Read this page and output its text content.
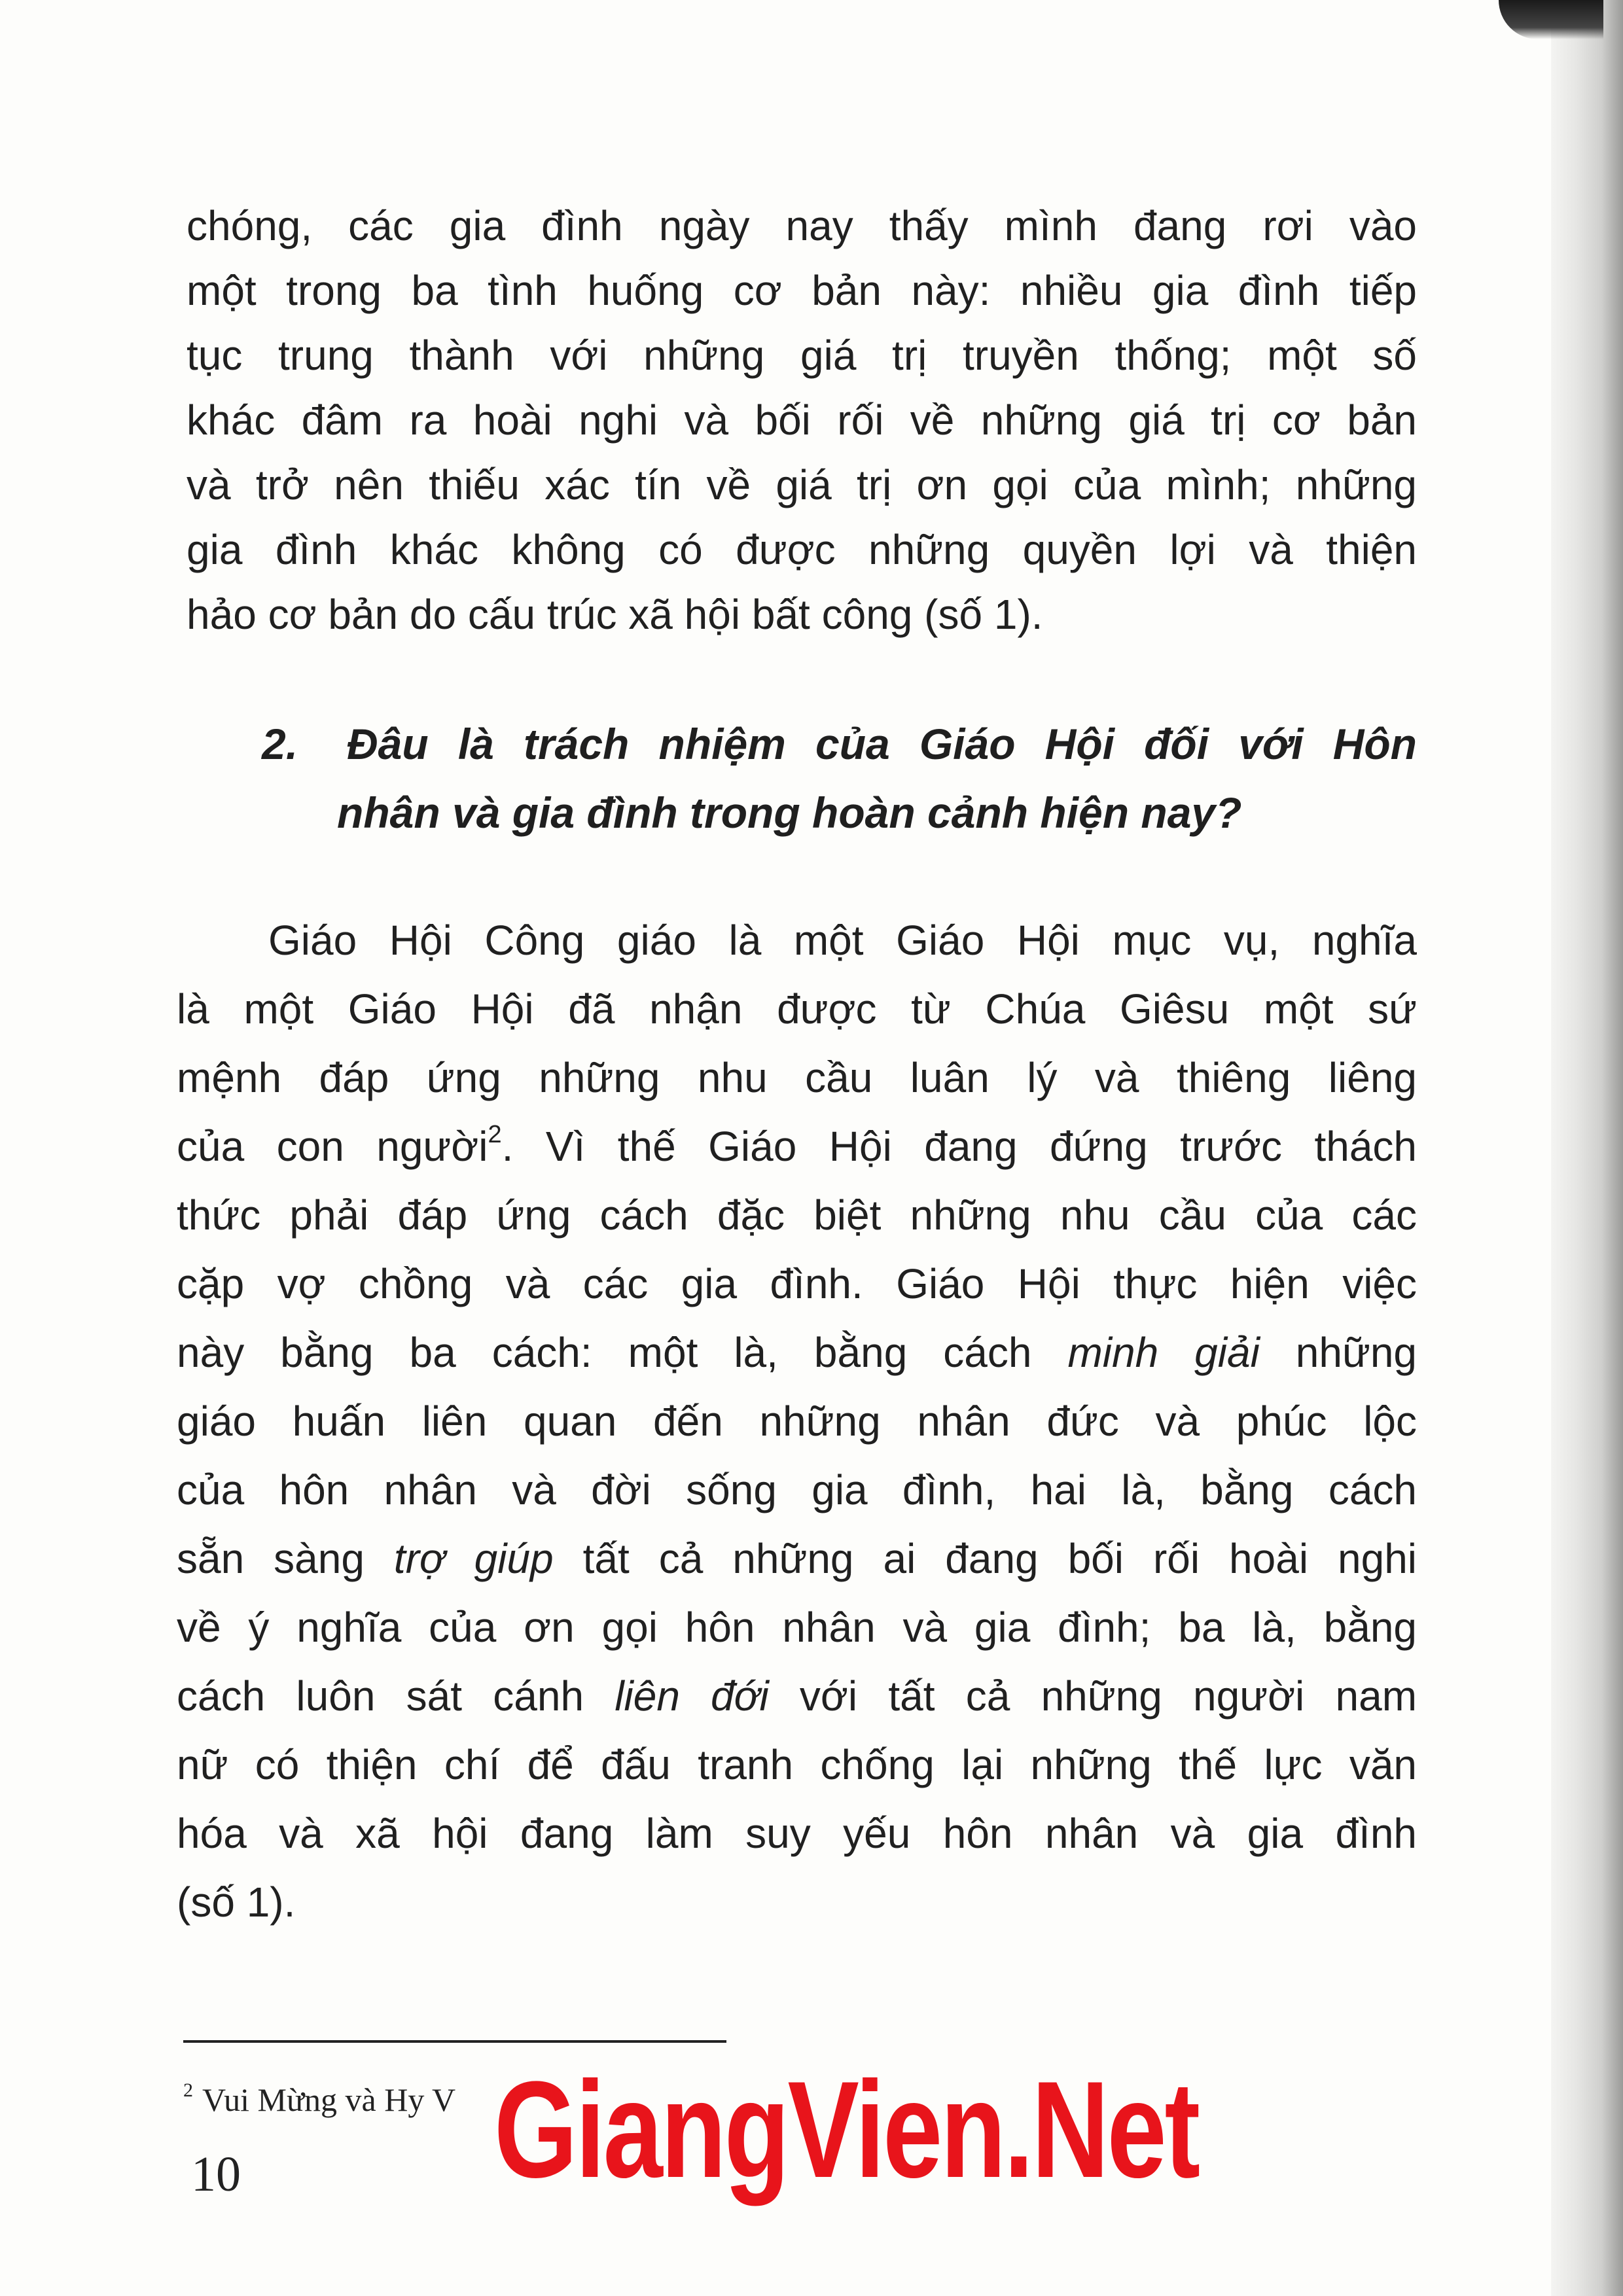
chóng, các gia đình ngày nay thấy mình đang rơi vào
một trong ba tình huống cơ bản này: nhiều gia đình tiếp
tục trung thành với những giá trị truyền thống; một số
khác đâm ra hoài nghi và bối rối về những giá trị cơ bản
và trở nên thiếu xác tín về giá trị ơn gọi của mình; những
gia đình khác không có được những quyền lợi và thiện
hảo cơ bản do cấu trúc xã hội bất công (số 1).
2.	Đâu là trách nhiệm của Giáo Hội đối với Hôn
nhân và gia đình trong hoàn cảnh hiện nay?
Giáo Hội Công giáo là một Giáo Hội mục vụ, nghĩa
là một Giáo Hội đã nhận được từ Chúa Giêsu một sứ
mệnh đáp ứng những nhu cầu luân lý và thiêng liêng
của con người$^2$. Vì thế Giáo Hội đang đứng trước thách
thức phải đáp ứng cách đặc biệt những nhu cầu của các
cặp vợ chồng và các gia đình. Giáo Hội thực hiện việc
này bằng ba cách: một là, bằng cách minh giải những
giáo huấn liên quan đến những nhân đức và phúc lộc
của hôn nhân và đời sống gia đình, hai là, bằng cách
sẵn sàng trợ giúp tất cả những ai đang bối rối hoài nghi
về ý nghĩa của ơn gọi hôn nhân và gia đình; ba là, bằng
cách luôn sát cánh liên đới với tất cả những người nam
nữ có thiện chí để đấu tranh chống lại những thế lực văn
hóa và xã hội đang làm suy yếu hôn nhân và gia đình
(số 1).
$^2$ Vui Mừng và Hy V
10 GiangVien.Net
